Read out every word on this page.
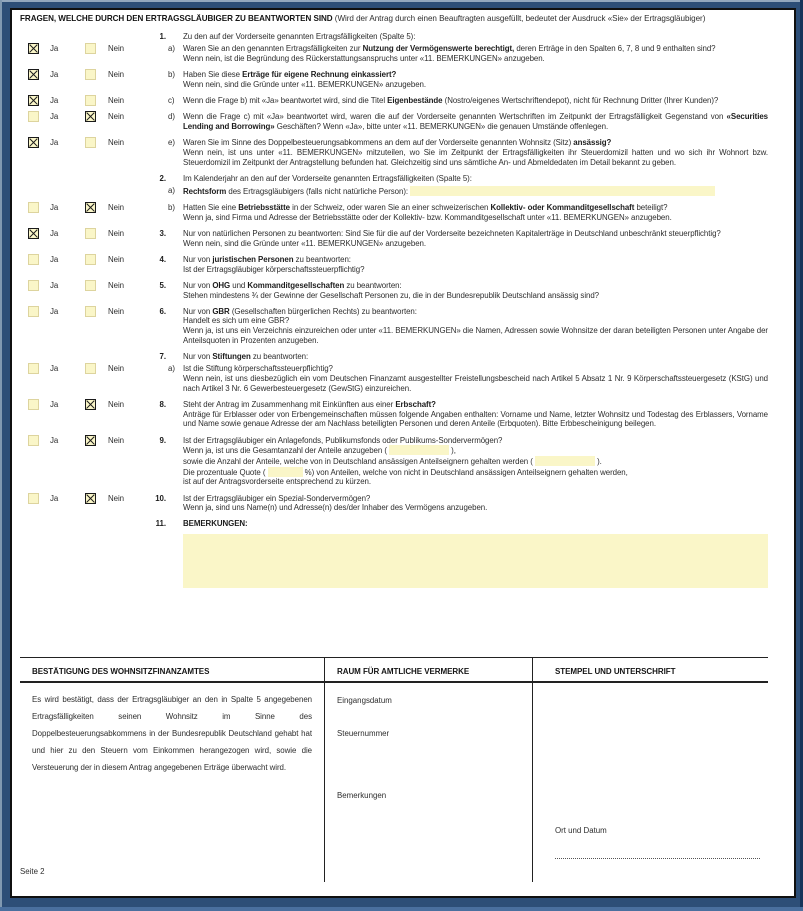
FRAGEN, WELCHE DURCH DEN ERTRAGSGLÄUBIGER ZU BEANTWORTEN SIND (Wird der Antrag durch einen Beauftragten ausgefüllt, bedeutet der Ausdruck «Sie» der Ertragsgläubiger)
1. Zu den auf der Vorderseite genannten Ertragsfälligkeiten (Spalte 5):
Ja	Nein	a) Waren Sie an den genannten Ertragsfälligkeiten zur Nutzung der Vermögenswerte berechtigt, deren Erträge in den Spalten 6, 7, 8 und 9 enthalten sind?
Wenn nein, ist die Begründung des Rückerstattungsanspruchs unter «11. BEMERKUNGEN» anzugeben.
Ja	Nein	b) Haben Sie diese Erträge für eigene Rechnung einkassiert?
Wenn nein, sind die Gründe unter «11. BEMERKUNGEN» anzugeben.
Ja	Nein	c) Wenn die Frage b) mit «Ja» beantwortet wird, sind die Titel Eigenbestände (Nostro/eigenes Wertschriftendepot), nicht für Rechnung Dritter (Ihrer Kunden)?
Ja	Nein	d) Wenn die Frage c) mit «Ja» beantwortet wird, waren die auf der Vorderseite genannten Wertschriften im Zeitpunkt der Ertragsfälligkeit Gegenstand von «Securities Lending and Borrowing» Geschäften? Wenn «Ja», bitte unter «11. BEMERKUNGEN» die genauen Umstände offenlegen.
Ja	Nein	e) Waren Sie im Sinne des Doppelbesteuerungsabkommens an dem auf der Vorderseite genannten Wohnsitz (Sitz) ansässig?
Wenn nein, ist uns unter «11. BEMERKUNGEN» mitzuteilen, wo Sie im Zeitpunkt der Ertragsfälligkeiten ihr Steuerdomizil hatten und wo sich ihr Wohnort bzw. Steuerdomizil im Zeitpunkt der Antragstellung befunden hat. Gleichzeitig sind uns sämtliche An- und Abmeldedaten im Detail bekannt zu geben.
2. Im Kalenderjahr an den auf der Vorderseite genannten Ertragsfälligkeiten (Spalte 5):
a) Rechtsform des Ertragsgläubigers (falls nicht natürliche Person):
Ja	Nein	b) Hatten Sie eine Betriebsstätte in der Schweiz, oder waren Sie an einer schweizerischen Kollektiv- oder Kommanditgesellschaft beteiligt?
Wenn ja, sind Firma und Adresse der Betriebsstätte oder der Kollektiv- bzw. Kommanditgesellschaft unter «11. BEMERKUNGEN» anzugeben.
Ja	Nein	3. Nur von natürlichen Personen zu beantworten: Sind Sie für die auf der Vorderseite bezeichneten Kapitalerträge in Deutschland unbeschränkt steuerpflichtig?
Wenn nein, sind die Gründe unter «11. BEMERKUNGEN» anzugeben.
Ja	Nein	4. Nur von juristischen Personen zu beantworten:
Ist der Ertragsgläubiger körperschaftssteuerpflichtig?
Ja	Nein	5. Nur von OHG und Kommanditgesellschaften zu beantworten:
Stehen mindestens ¾ der Gewinne der Gesellschaft Personen zu, die in der Bundesrepublik Deutschland ansässig sind?
Ja	Nein	6. Nur von GBR (Gesellschaften bürgerlichen Rechts) zu beantworten:
Handelt es sich um eine GBR?
Wenn ja, ist uns ein Verzeichnis einzureichen oder unter «11. BEMERKUNGEN» die Namen, Adressen sowie Wohnsitze der daran beteiligten Personen unter Angabe der Anteilsquoten in Prozenten anzugeben.
7. Nur von Stiftungen zu beantworten:
Ja	Nein	a) Ist die Stiftung körperschaftssteuerpflichtig?
Wenn nein, ist uns diesbezüglich ein vom Deutschen Finanzamt ausgestellter Freistellungsbescheid nach Artikel 5 Absatz 1 Nr. 9 Körperschaftssteuergesetz (KStG) und nach Artikel 3 Nr. 6 Gewerbesteuergesetz (GewStG) einzureichen.
Ja	Nein	8. Steht der Antrag im Zusammenhang mit Einkünften aus einer Erbschaft?
Anträge für Erblasser oder von Erbengemeinschaften müssen folgende Angaben enthalten: Vorname und Name, letzter Wohnsitz und Todestag des Erblassers, Vorname und Name sowie genaue Adresse der am Nachlass beteiligten Personen und deren Anteile (Erbquoten). Bitte Erbbescheinigung beilegen.
Ja	Nein	9. Ist der Ertragsgläubiger ein Anlagefonds, Publikumsfonds oder Publikums-Sondervermögen?
Wenn ja, ist uns die Gesamtanzahl der Anteile anzugeben (	),
sowie die Anzahl der Anteile, welche von in Deutschland ansässigen Anteilseignern gehalten werden (	).
Die prozentuale Quote (	%) von Anteilen, welche von nicht in Deutschland ansässigen Anteilseignern gehalten werden,
ist auf der Antragsvorderseite entsprechend zu kürzen.
Ja	Nein	10. Ist der Ertragsgläubiger ein Spezial-Sondervermögen?
Wenn ja, sind uns Name(n) und Adresse(n) des/der Inhaber des Vermögens anzugeben.
11. BEMERKUNGEN:
BESTÄTIGUNG DES WOHNSITZFINANZAMTES	RAUM FÜR AMTLICHE VERMERKE	STEMPEL UND UNTERSCHRIFT
Es wird bestätigt, dass der Ertragsgläubiger an den in Spalte 5 angegebenen Ertragsfälligkeiten seinen Wohnsitz im Sinne des Doppelbesteuerungsabkommens in der Bundesrepublik Deutschland gehabt hat und hier zu den Steuern vom Einkommen herangezogen wird, sowie die Versteuerung der in diesem Antrag angegebenen Erträge überwacht wird.
Eingangsdatum
Steuernummer
Bemerkungen
Ort und Datum
Seite 2
